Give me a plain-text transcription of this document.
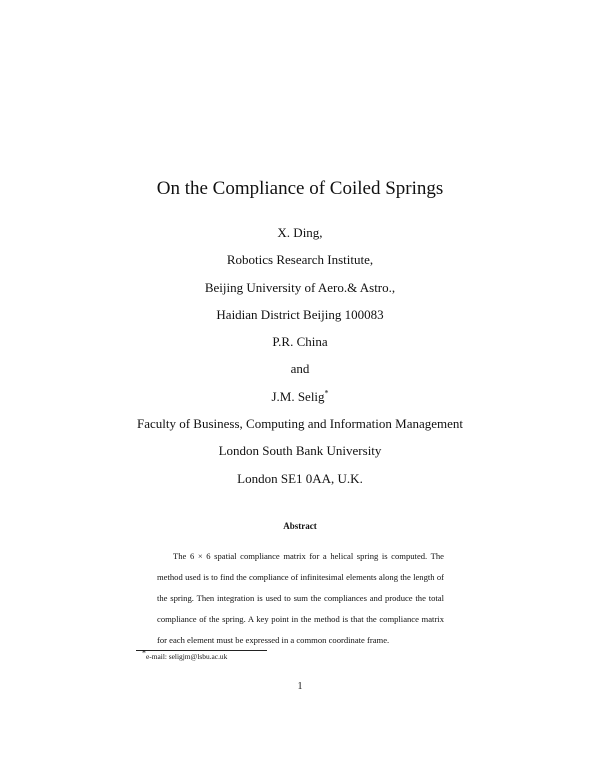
On the Compliance of Coiled Springs
X. Ding,
Robotics Research Institute,
Beijing University of Aero.& Astro.,
Haidian District Beijing 100083
P.R. China
and
J.M. Selig*
Faculty of Business, Computing and Information Management
London South Bank University
London SE1 0AA, U.K.
Abstract

The 6 × 6 spatial compliance matrix for a helical spring is computed. The method used is to find the compliance of infinitesimal elements along the length of the spring. Then integration is used to sum the compliances and produce the total compliance of the spring. A key point in the method is that the compliance matrix for each element must be expressed in a common coordinate frame.

*e-mail: seligjm@lsbu.ac.uk
1
